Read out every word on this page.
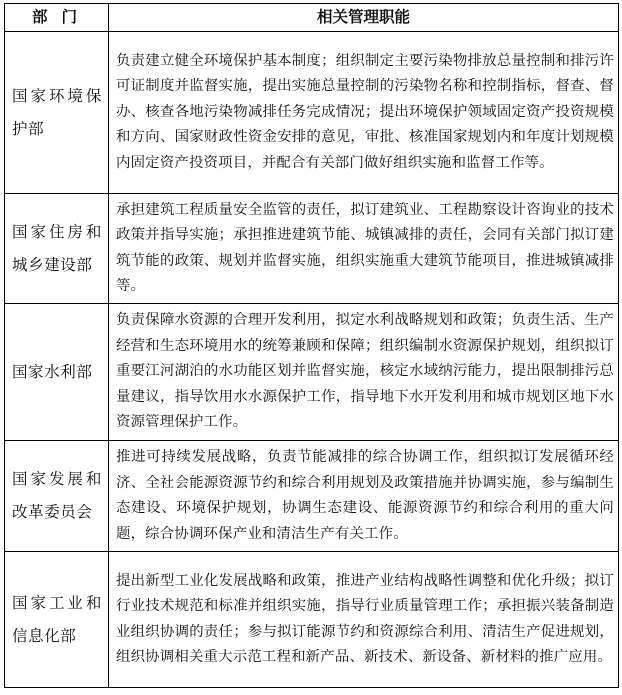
部门	相关管理职能
国家环境保护部	负责建立健全环境保护基本制度；组织制定主要污染物排放总量控制和排污许可证制度并监督实施，提出实施总量控制的污染物名称和控制指标，督查、督办、核查各地污染物减排任务完成情况；提出环境保护领域固定资产投资规模和方向、国家财政性资金安排的意见，审批、核准国家规划内和年度计划规模内固定资产投资项目，并配合有关部门做好组织实施和监督工作等。
国家住房和城乡建设部	承担建筑工程质量安全监管的责任，拟订建筑业、工程勘察设计咨询业的技术政策并指导实施；承担推进建筑节能、城镇减排的责任，会同有关部门拟订建筑节能的政策、规划并监督实施，组织实施重大建筑节能项目，推进城镇减排等。
国家水利部	负责保障水资源的合理开发利用，拟定水利战略规划和政策；负责生活、生产经营和生态环境用水的统筹兼顾和保障；组织编制水资源保护规划，组织拟订重要江河湖泊的水功能区划并监督实施，核定水域纳污能力，提出限制排污总量建议，指导饮用水水源保护工作，指导地下水开发利用和城市规划区地下水资源管理保护工作。
国家发展和改革委员会	推进可持续发展战略，负责节能减排的综合协调工作，组织拟订发展循环经济、全社会能源资源节约和综合利用规划及政策措施并协调实施，参与编制生态建设、环境保护规划，协调生态建设、能源资源节约和综合利用的重大问题，综合协调环保产业和清洁生产有关工作。
国家工业和信息化部	提出新型工业化发展战略和政策，推进产业结构战略性调整和优化升级；拟订行业技术规范和标准并组织实施，指导行业质量管理工作；承担振兴装备制造业组织协调的责任；参与拟订能源节约和资源综合利用、清洁生产促进规划，组织协调相关重大示范工程和新产品、新技术、新设备、新材料的推广应用。
